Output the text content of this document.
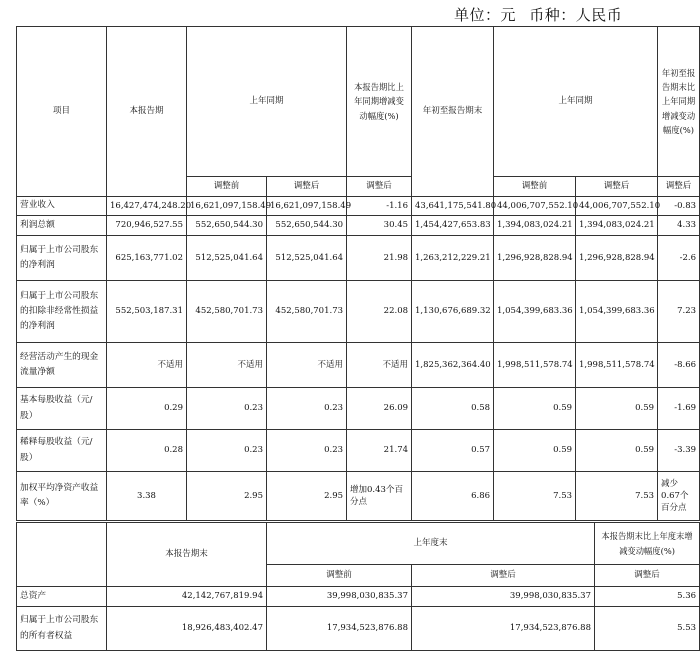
单位：元 币种：人民币
项目	本报告期	上年同期		本报告期比上年同期增减变动幅度(%)	年初至报告期末	上年同期		年初至报告期末比上年同期增减变动幅度(%)
		调整前	调整后	调整后		调整前	调整后	调整后
营业收入	16,427,474,248.20	16,621,097,158.49	16,621,097,158.49	-1.16	43,641,175,541.80	44,006,707,552.10	44,006,707,552.10	-0.83
利润总额	720,946,527.55	552,650,544.30	552,650,544.30	30.45	1,454,427,653.83	1,394,083,024.21	1,394,083,024.21	4.33
归属于上市公司股东的净利润	625,163,771.02	512,525,041.64	512,525,041.64	21.98	1,263,212,229.21	1,296,928,828.94	1,296,928,828.94	-2.6
归属于上市公司股东的扣除非经常性损益的净利润	552,503,187.31	452,580,701.73	452,580,701.73	22.08	1,130,676,689.32	1,054,399,683.36	1,054,399,683.36	7.23
经营活动产生的现金流量净额	不适用	不适用	不适用	不适用	1,825,362,364.40	1,998,511,578.74	1,998,511,578.74	-8.66
基本每股收益（元/股）	0.29	0.23	0.23	26.09	0.58	0.59	0.59	-1.69
稀释每股收益（元/股）	0.28	0.23	0.23	21.74	0.57	0.59	0.59	-3.39
加权平均净资产收益率（%）	3.38	2.95	2.95	增加0.43个百分点	6.86	7.53	7.53	减少0.67个百分点
	本报告期末	上年度末		本报告期末比上年度末增减变动幅度(%)
		调整前	调整后	调整后
总资产	42,142,767,819.94	39,998,030,835.37	39,998,030,835.37	5.36
归属于上市公司股东的所有者权益	18,926,483,402.47	17,934,523,876.88	17,934,523,876.88	5.53
